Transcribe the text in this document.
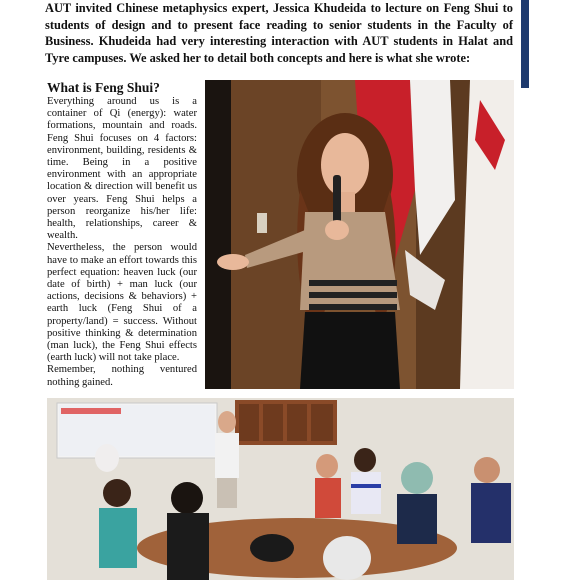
AUT invited Chinese metaphysics expert, Jessica Khudeida to lecture on Feng Shui to students of design and to present face reading to senior students in the Faculty of Business. Khudeida had very interesting interaction with AUT students in Halat and Tyre campuses. We asked her to detail both concepts and here is what she wrote:
What is Feng Shui?

Everything around us is a container of Qi (energy): water formations, mountain and roads. Feng Shui focuses on 4 factors: environment, building, residents & time. Being in a positive environment with an appropriate location & direction will benefit us over years. Feng Shui helps a person reorganize his/her life: health, relationships, career & wealth.

Nevertheless, the person would have to make an effort towards this perfect equation: heaven luck (our date of birth) + man luck (our actions, decisions & behaviors) + earth luck (Feng Shui of a property/land) = success. Without positive thinking & determination (man luck), the Feng Shui effects (earth luck) will not take place.

Remember, nothing ventured nothing gained.
